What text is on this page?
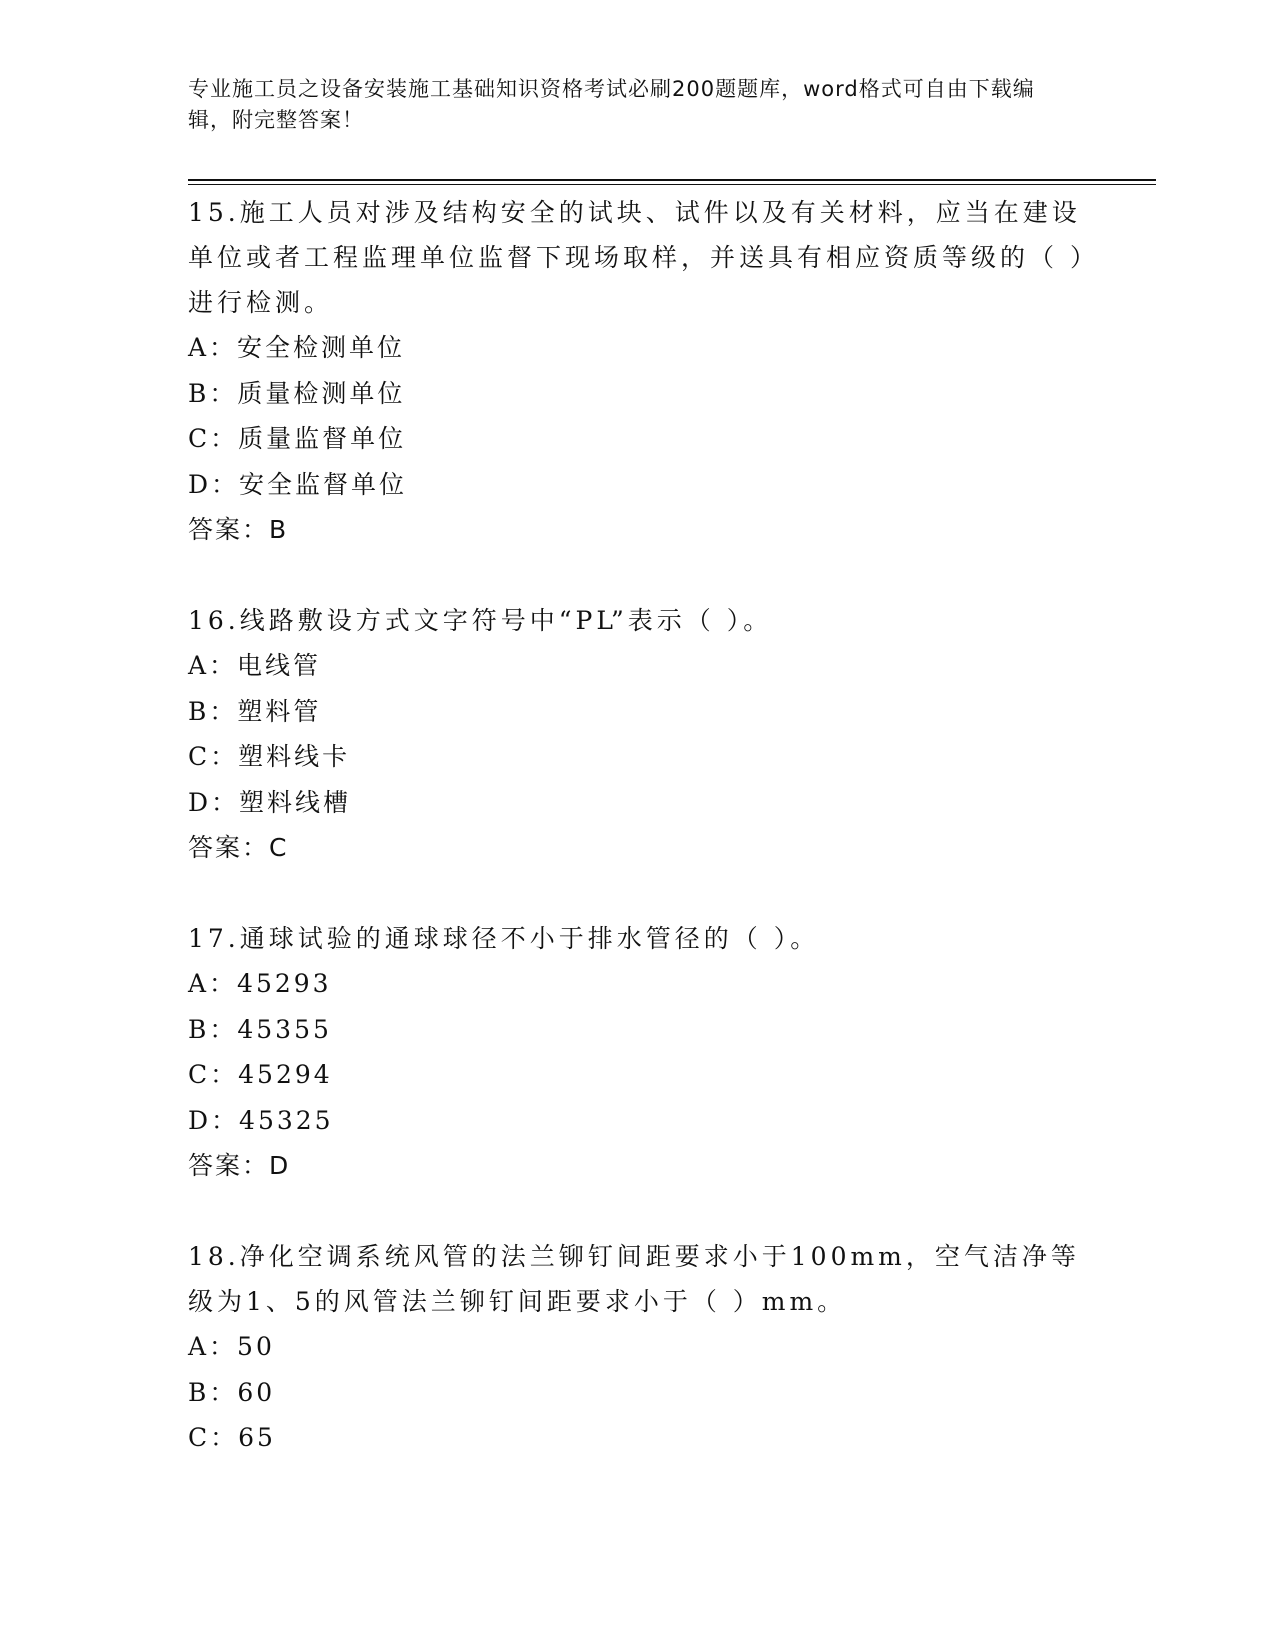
专业施工员之设备安装施工基础知识资格考试必刷200题题库，word格式可自由下载编辑，附完整答案！

15.施工人员对涉及结构安全的试块、试件以及有关材料，应当在建设单位或者工程监理单位监督下现场取样，并送具有相应资质等级的（ ）进行检测。

A：安全检测单位

B：质量检测单位

C：质量监督单位

D：安全监督单位

答案：B

16.线路敷设方式文字符号中“PL”表示（ ）。

A：电线管

B：塑料管

C：塑料线卡

D：塑料线槽

答案：C

17.通球试验的通球球径不小于排水管径的（ ）。

A：45293

B：45355

C：45294

D：45325

答案：D

18.净化空调系统风管的法兰铆钉间距要求小于100mm，空气洁净等级为1、5的风管法兰铆钉间距要求小于（ ）mm。

A：50

B：60

C：65
